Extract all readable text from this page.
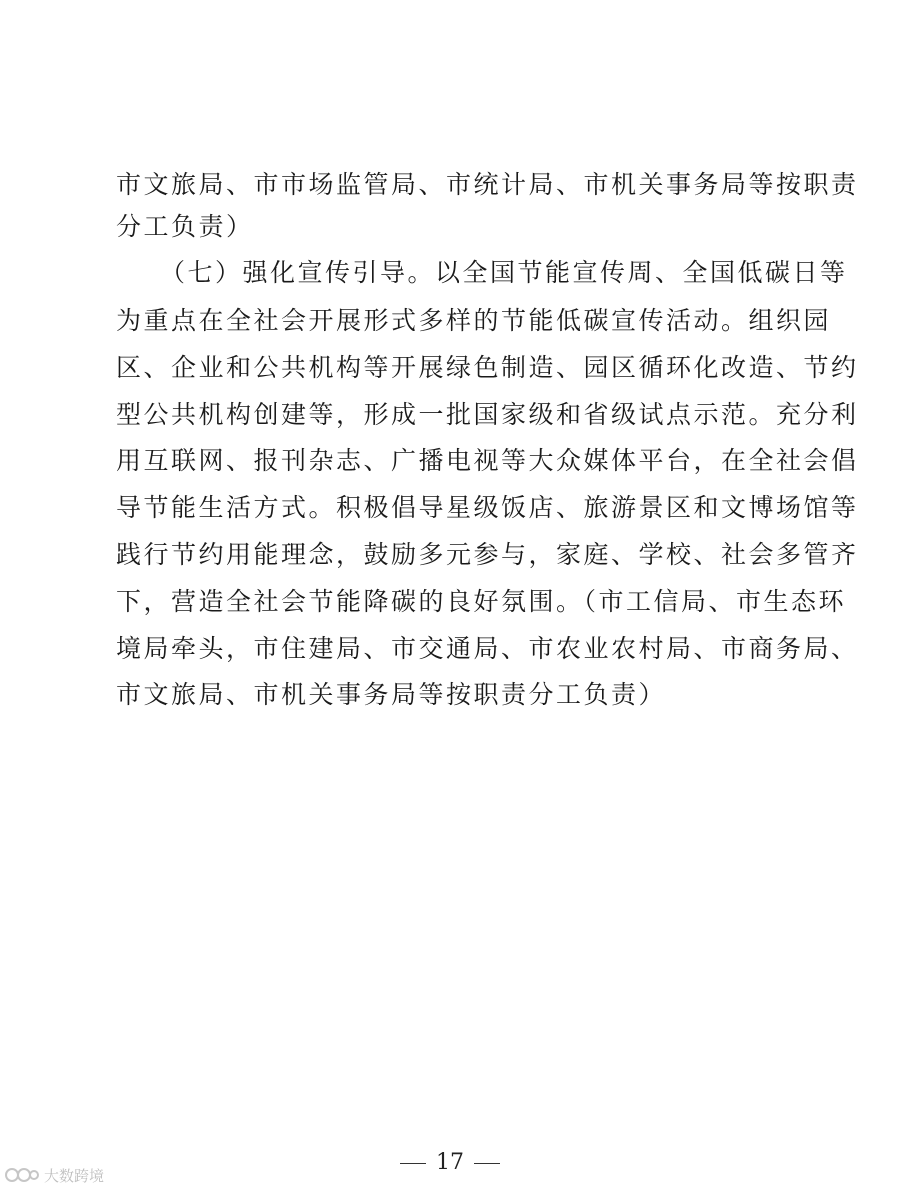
市文旅局、市市场监管局、市统计局、市机关事务局等按职责
分工负责）
（七）强化宣传引导。以全国节能宣传周、全国低碳日等
为重点在全社会开展形式多样的节能低碳宣传活动。组织园
区、企业和公共机构等开展绿色制造、园区循环化改造、节约
型公共机构创建等，形成一批国家级和省级试点示范。充分利
用互联网、报刊杂志、广播电视等大众媒体平台，在全社会倡
导节能生活方式。积极倡导星级饭店、旅游景区和文博场馆等
践行节约用能理念，鼓励多元参与，家庭、学校、社会多管齐
下，营造全社会节能降碳的良好氛围。（市工信局、市生态环
境局牵头，市住建局、市交通局、市农业农村局、市商务局、
市文旅局、市机关事务局等按职责分工负责）
17
大数跨境
